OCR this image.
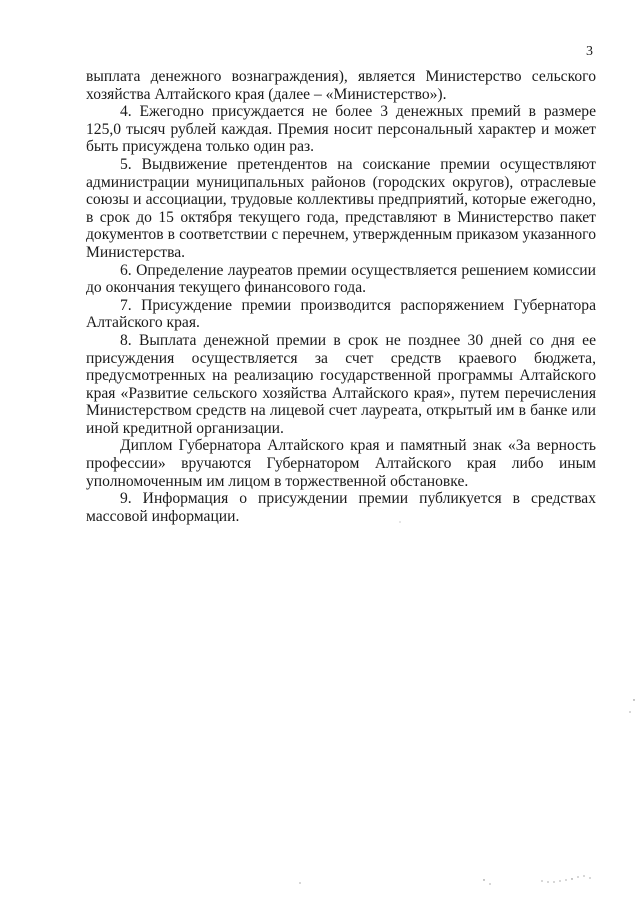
3

выплата денежного вознаграждения), является Министерство сельского хозяйства Алтайского края (далее – «Министерство»).

4. Ежегодно присуждается не более 3 денежных премий в размере 125,0 тысяч рублей каждая. Премия носит персональный характер и может быть присуждена только один раз.

5. Выдвижение претендентов на соискание премии осуществляют администрации муниципальных районов (городских округов), отраслевые союзы и ассоциации, трудовые коллективы предприятий, которые ежегодно, в срок до 15 октября текущего года, представляют в Министерство пакет документов в соответствии с перечнем, утвержденным приказом указанного Министерства.

6. Определение лауреатов премии осуществляется решением комиссии до окончания текущего финансового года.

7. Присуждение премии производится распоряжением Губернатора Алтайского края.

8. Выплата денежной премии в срок не позднее 30 дней со дня ее присуждения осуществляется за счет средств краевого бюджета, предусмотренных на реализацию государственной программы Алтайского края «Развитие сельского хозяйства Алтайского края», путем перечисления Министерством средств на лицевой счет лауреата, открытый им в банке или иной кредитной организации.

Диплом Губернатора Алтайского края и памятный знак «За верность профессии» вручаются Губернатором Алтайского края либо иным уполномоченным им лицом в торжественной обстановке.

9. Информация о присуждении премии публикуется в средствах массовой информации.
